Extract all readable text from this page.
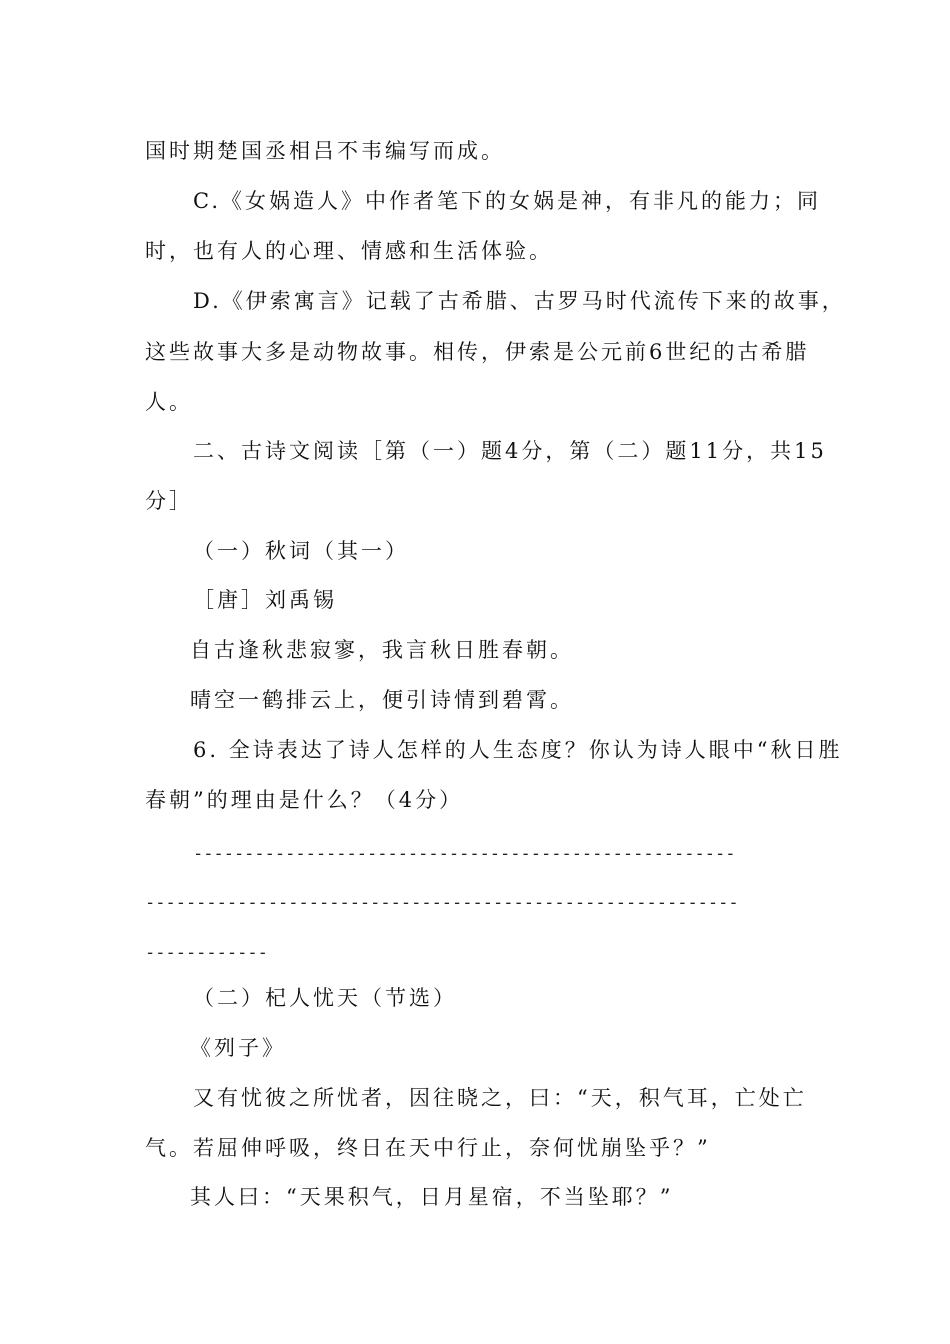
国时期楚国丞相吕不韦编写而成。
C.《女娲造人》中作者笔下的女娲是神，有非凡的能力；同
时，也有人的心理、情感和生活体验。
D.《伊索寓言》记载了古希腊、古罗马时代流传下来的故事，
这些故事大多是动物故事。相传，伊索是公元前6世纪的古希腊
人。
二、古诗文阅读［第（一）题4分，第（二）题11分，共15
分］
（一）秋词（其一）
［唐］刘禹锡
自古逢秋悲寂寥，我言秋日胜春朝。
晴空一鹤排云上，便引诗情到碧霄。
6. 全诗表达了诗人怎样的人生态度？你认为诗人眼中“秋日胜
春朝”的理由是什么？（4分）
-----------------------------------------------------
----------------------------------------------------------
------------
（二）杞人忧天（节选）
《列子》
又有忧彼之所忧者，因往晓之，曰：“天，积气耳，亡处亡
气。若屈伸呼吸，终日在天中行止，奈何忧崩坠乎？”
其人曰：“天果积气，日月星宿，不当坠耶？”
